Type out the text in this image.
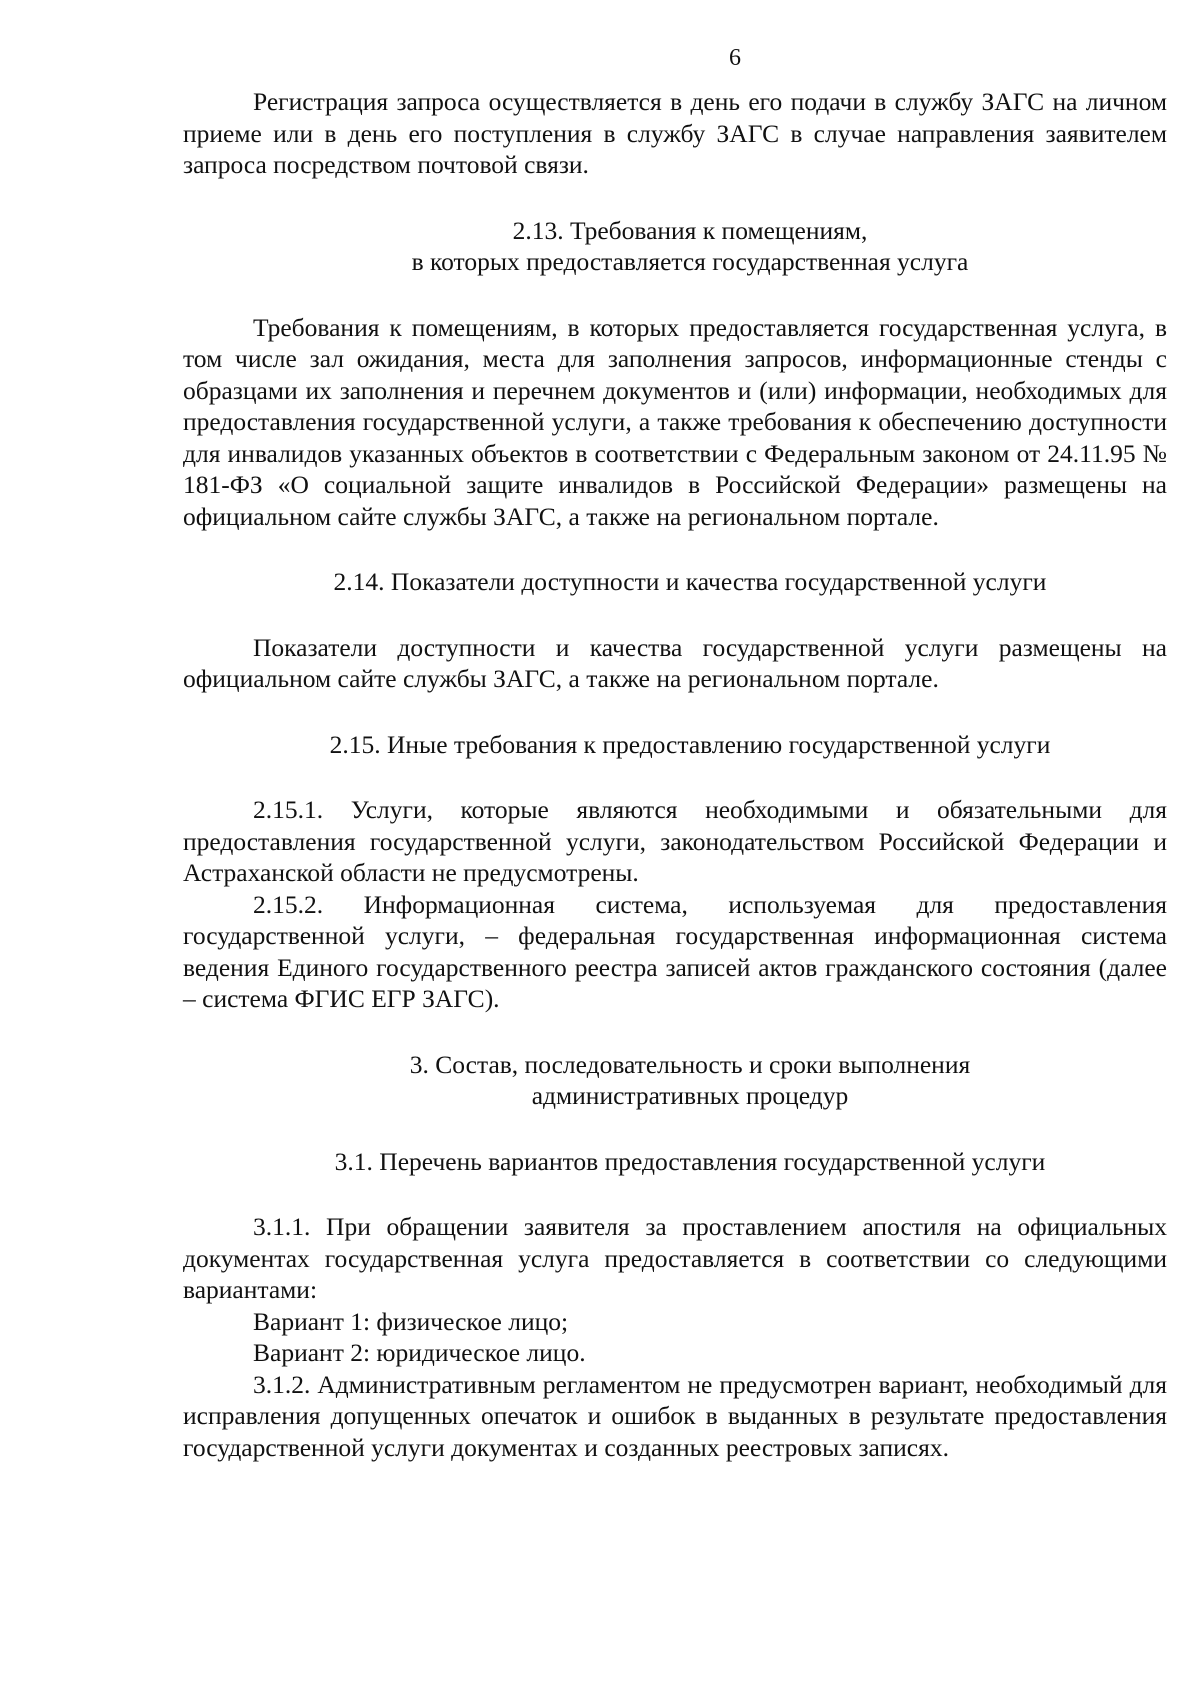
6

Регистрация запроса осуществляется в день его подачи в службу ЗАГС на личном приеме или в день его поступления в службу ЗАГС в случае направления заявителем запроса посредством почтовой связи.

2.13. Требования к помещениям,

в которых предоставляется государственная услуга

Требования к помещениям, в которых предоставляется государственная услуга, в том числе зал ожидания, места для заполнения запросов, информационные стенды с образцами их заполнения и перечнем документов и (или) информации, необходимых для предоставления государственной услуги, а также требования к обеспечению доступности для инвалидов указанных объектов в соответствии с Федеральным законом от 24.11.95 № 181-ФЗ «О социальной защите инвалидов в Российской Федерации» размещены на официальном сайте службы ЗАГС, а также на региональном портале.

2.14. Показатели доступности и качества государственной услуги

Показатели доступности и качества государственной услуги размещены на официальном сайте службы ЗАГС, а также на региональном портале.

2.15. Иные требования к предоставлению государственной услуги

2.15.1. Услуги, которые являются необходимыми и обязательными для предоставления государственной услуги, законодательством Российской Федерации и Астраханской области не предусмотрены.

2.15.2. Информационная система, используемая для предоставления государственной услуги, – федеральная государственная информационная система ведения Единого государственного реестра записей актов гражданского состояния (далее – система ФГИС ЕГР ЗАГС).

3. Состав, последовательность и сроки выполнения

административных процедур

3.1. Перечень вариантов предоставления государственной услуги

3.1.1. При обращении заявителя за проставлением апостиля на официальных документах государственная услуга предоставляется в соответствии со следующими вариантами:

Вариант 1: физическое лицо;

Вариант 2: юридическое лицо.

3.1.2. Административным регламентом не предусмотрен вариант, необходимый для исправления допущенных опечаток и ошибок в выданных в результате предоставления государственной услуги документах и созданных реестровых записях.
